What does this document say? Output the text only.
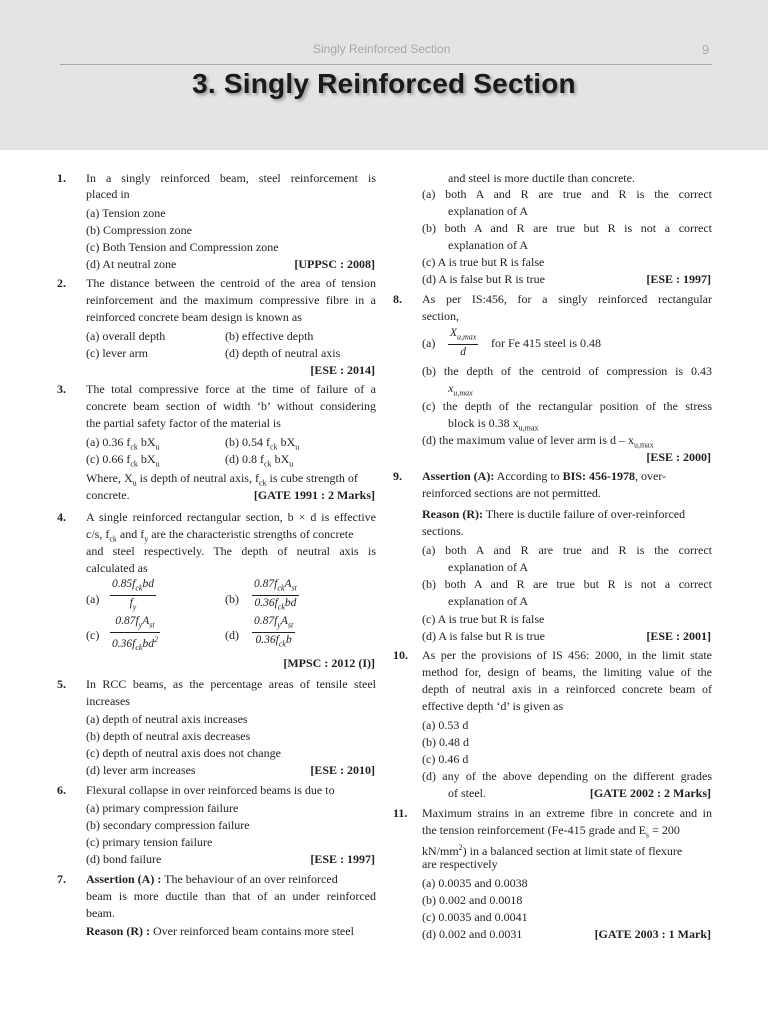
Singly Reinforced Section	9
3. Singly Reinforced Section
1. In a singly reinforced beam, steel reinforcement is
placed in
(a) Tension zone
(b) Compression zone
(c) Both Tension and Compression zone
(d) At neutral zone	[UPPSC : 2008]
2. The distance between the centroid of the area of tension
reinforcement and the maximum compressive fibre in a
reinforced concrete beam design is known as
(a) overall depth	(b) effective depth
(c) lever arm	(d) depth of neutral axis
[ESE : 2014]
3. The total compressive force at the time of failure of a
concrete beam section of width ‘b’ without considering
the partial safety factor of the material is
(a) 0.36 $f_{ck}$ $bX_u$	(b) 0.54 $f_{ck}$ $bX_u$
(c) 0.66 $f_{ck}$ $bX_u$	(d) 0.8 $f_{ck}$ $bX_u$
Where, $X_u$ is depth of neutral axis, $f_{ck}$ is cube strength of
concrete.	[GATE 1991 : 2 Marks]
4. A single reinforced rectangular section, b × d is effective
c/s, $f_{ck}$ and $f_y$ are the characteristic strengths of concrete
and steel respectively. The depth of neutral axis is
calculated as
(a)
$0.85f_{ck}bd$
$f_y$
(b)
$0.87f_{ck}A_{st}$
$0.36f_{ck}bd$
(c)
$0.87f_yA_{st}$
$0.36f_{ck}bd^2$	(d)
$0.87f_yA_{st}$
$0.36f_{ck}b$
[MPSC : 2012 (I)]
5. In RCC beams, as the percentage areas of tensile steel
increases
(a) depth of neutral axis increases
(b) depth of neutral axis decreases
(c) depth of neutral axis does not change
(d) lever arm increases	[ESE : 2010]
6. Flexural collapse in over reinforced beams is due to
(a) primary compression failure
(b) secondary compression failure
(c) primary tension failure
(d) bond failure	[ESE : 1997]
7. Assertion (A) : The behaviour of an over reinforced
beam is more ductile than that of an under reinforced
beam.
Reason (R) : Over reinforced beam contains more steel
and steel is more ductile than concrete.
(a) both A and R are true and R is the correct
explanation of A
(b) both A and R are true but R is not a correct
explanation of A
(c) A is true but R is false
(d) A is false but R is true	[ESE : 1997]
8. As per IS:456, for a singly reinforced rectangular
section,
(a)
$X_{u,max}$
d
for Fe 415 steel is 0.48
(b) the depth of the centroid of compression is 0.43
$x_{u,max}$
(c) the depth of the rectangular position of the stress
block is 0.38 $x_{u,max}$
(d) the maximum value of lever arm is d – $x_{u,max}$
[ESE : 2000]
9. Assertion (A): According to BIS: 456-1978, over-
reinforced sections are not permitted.
Reason (R): There is ductile failure of over-reinforced
sections.
(a) both A and R are true and R is the correct
explanation of A
(b) both A and R are true but R is not a correct
explanation of A
(c) A is true but R is false
(d) A is false but R is true	[ESE : 2001]
10. As per the provisions of IS 456: 2000, in the limit state
method for, design of beams, the limiting value of the
depth of neutral axis in a reinforced concrete beam of
effective depth ‘d’ is given as
(a) 0.53 d
(b) 0.48 d
(c) 0.46 d
(d) any of the above depending on the different grades
of steel.	[GATE 2002 : 2 Marks]
11. Maximum strains in an extreme fibre in concrete and in
the tension reinforcement (Fe-415 grade and $E_s = 200$
$kN/mm^2$) in a balanced section at limit state of flexure
are respectively
(a) 0.0035 and 0.0038
(b) 0.002 and 0.0018
(c) 0.0035 and 0.0041
(d) 0.002 and 0.0031	[GATE 2003 : 1 Mark]
